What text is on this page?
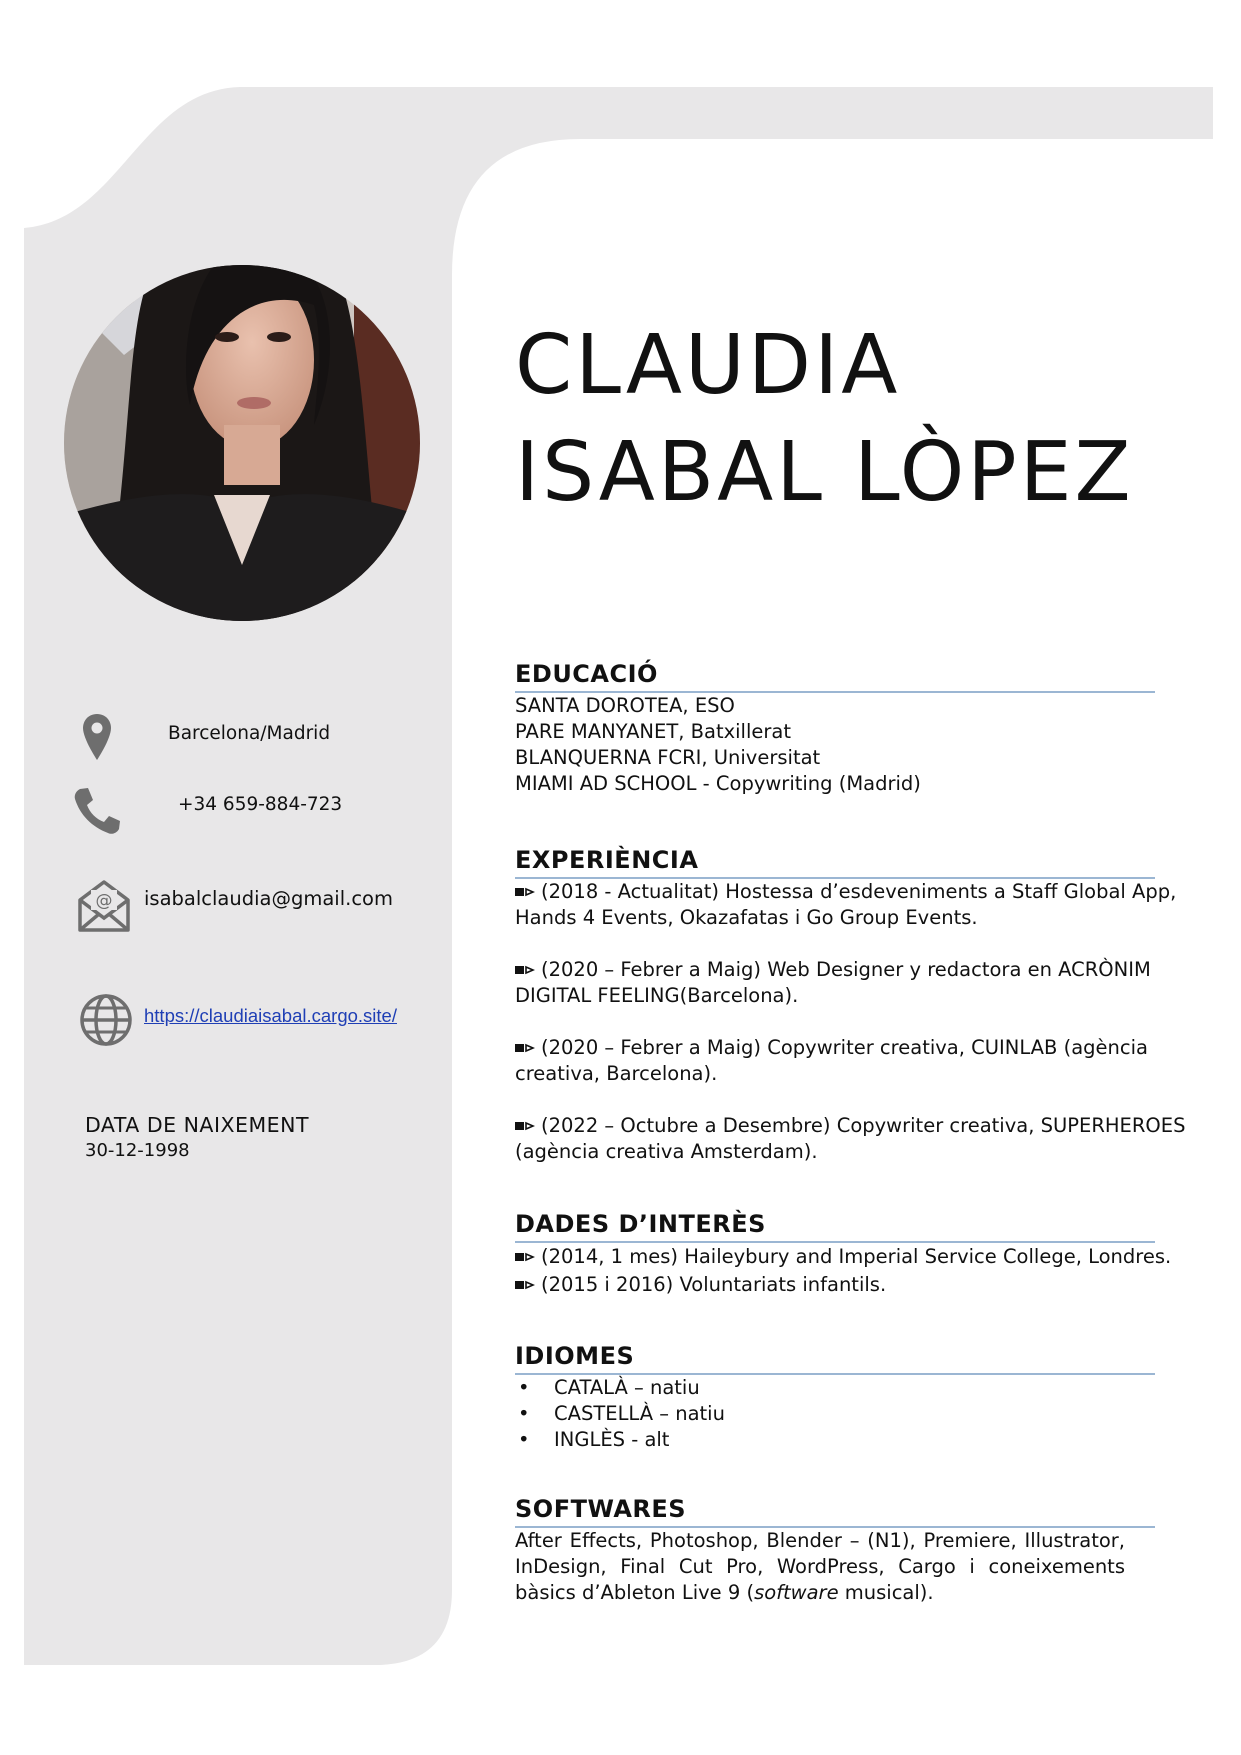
CLAUDIA
ISABAL LÒPEZ
@
Barcelona/Madrid
+34 659-884-723
isabalclaudia@gmail.com
https://claudiaisabal.cargo.site/
DATA DE NAIXEMENT
30-12-1998
EDUCACIÓ
SANTA DOROTEA, ESO
PARE MANYANET, Batxillerat
BLANQUERNA FCRI, Universitat
MIAMI AD SCHOOL - Copywriting (Madrid)
EXPERIÈNCIA
(2018 - Actualitat) Hostessa d’esdeveniments a Staff Global App, Hands 4 Events, Okazafatas i Go Group Events.
(2020 – Febrer a Maig) Web Designer y redactora en ACRÒNIM DIGITAL FEELING(Barcelona).
(2020 – Febrer a Maig) Copywriter creativa, CUINLAB (agència creativa, Barcelona).
(2022 – Octubre a Desembre) Copywriter creativa, SUPERHEROES (agència creativa Amsterdam).
DADES D’INTERÈS
(2014, 1 mes) Haileybury and Imperial Service College, Londres.
(2015 i 2016) Voluntariats infantils.
IDIOMES
•	CATALÀ – natiu
•	CASTELLÀ – natiu
•	INGLÈS - alt
SOFTWARES
After Effects, Photoshop, Blender – (N1), Premiere, Illustrator, InDesign, Final Cut Pro, WordPress, Cargo i coneixements bàsics d’Ableton Live 9 (software musical).
